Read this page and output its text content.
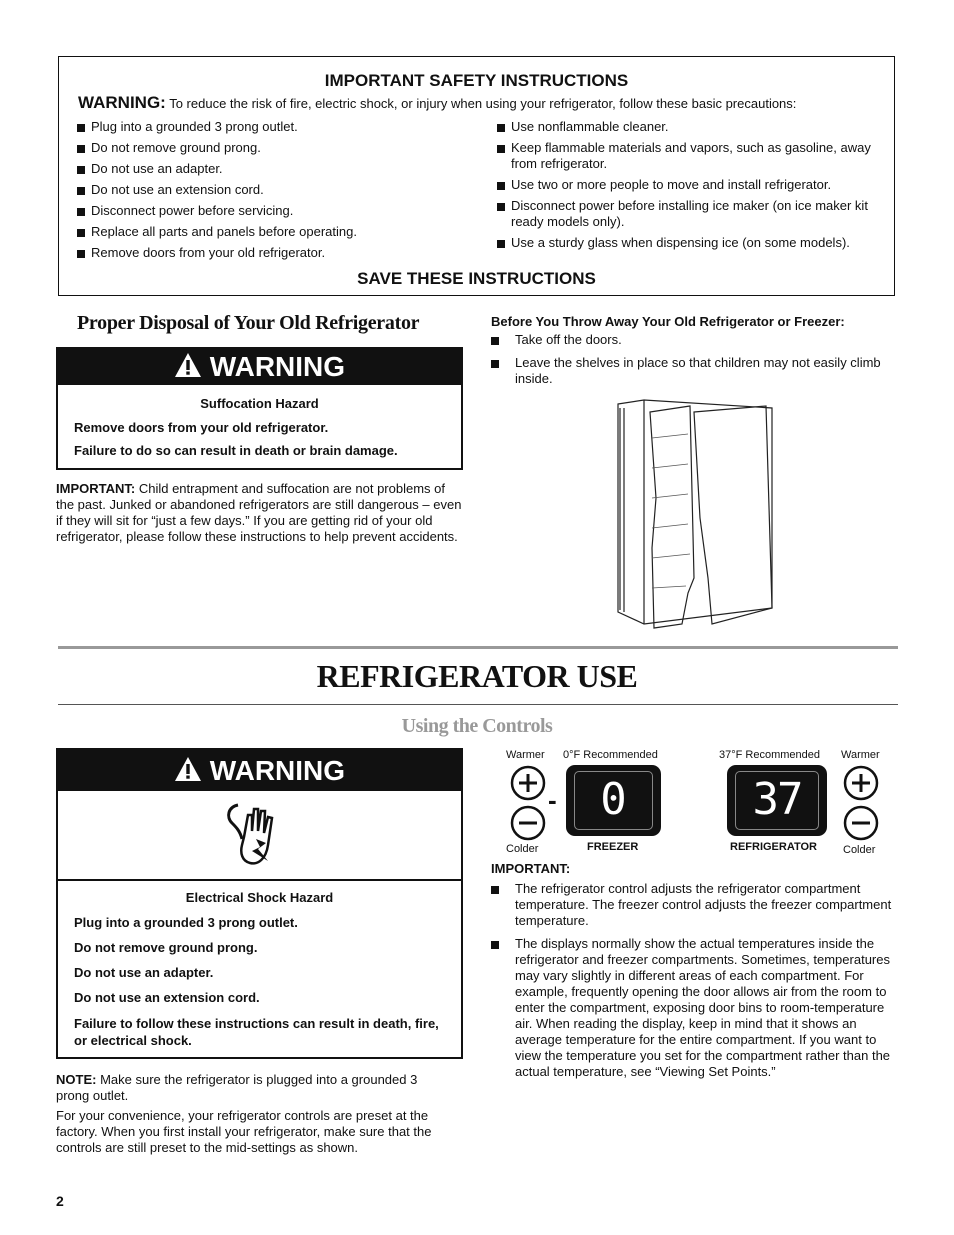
IMPORTANT SAFETY INSTRUCTIONS
WARNING: To reduce the risk of fire, electric shock, or injury when using your refrigerator, follow these basic precautions:
Plug into a grounded 3 prong outlet.
Do not remove ground prong.
Do not use an adapter.
Do not use an extension cord.
Disconnect power before servicing.
Replace all parts and panels before operating.
Remove doors from your old refrigerator.
Use nonflammable cleaner.
Keep flammable materials and vapors, such as gasoline, away from refrigerator.
Use two or more people to move and install refrigerator.
Disconnect power before installing ice maker (on ice maker kit ready models only).
Use a sturdy glass when dispensing ice (on some models).
SAVE THESE INSTRUCTIONS
Proper Disposal of Your Old Refrigerator
WARNING
Suffocation Hazard
Remove doors from your old refrigerator.
Failure to do so can result in death or brain damage.
IMPORTANT: Child entrapment and suffocation are not problems of the past. Junked or abandoned refrigerators are still dangerous – even if they will sit for “just a few days.” If you are getting rid of your old refrigerator, please follow these instructions to help prevent accidents.
Before You Throw Away Your Old Refrigerator or Freezer:
Take off the doors.
Leave the shelves in place so that children may not easily climb inside.
REFRIGERATOR USE
Using the Controls
WARNING
Electrical Shock Hazard
Plug into a grounded 3 prong outlet.
Do not remove ground prong.
Do not use an adapter.
Do not use an extension cord.
Failure to follow these instructions can result in death, fire, or electrical shock.
NOTE: Make sure the refrigerator is plugged into a grounded 3 prong outlet.
For your convenience, your refrigerator controls are preset at the factory. When you first install your refrigerator, make sure that the controls are still preset to the mid-settings as shown.
Warmer 0°F Recommended	37°F Recommended Warmer
- 0
FREEZER
Colder
37
REFRIGERATOR Colder
IMPORTANT:
The refrigerator control adjusts the refrigerator compartment temperature. The freezer control adjusts the freezer compartment temperature.
The displays normally show the actual temperatures inside the refrigerator and freezer compartments. Sometimes, temperatures may vary slightly in different areas of each compartment. For example, frequently opening the door allows air from the room to enter the compartment, exposing door bins to room-temperature air. When reading the display, keep in mind that it shows an average temperature for the entire compartment. If you want to view the temperature you set for the compartment rather than the actual temperature, see “Viewing Set Points.”
2
